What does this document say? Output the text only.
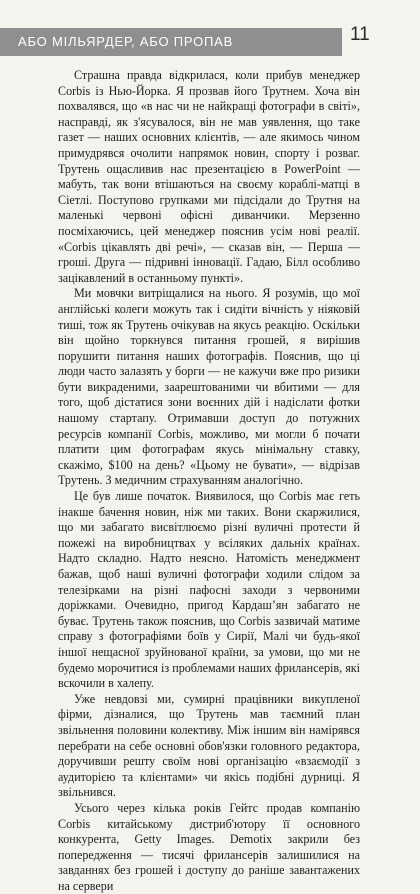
АБО МІЛЬЯРДЕР, АБО ПРОПАВ	11

Страшна правда відкрилася, коли прибув менеджер Corbis із Нью-Йорка. Я прозвав його Трутнем. Хоча він похвалявся, що «в нас чи не найкращі фотографи в світі», насправді, як з'ясувалося, він не мав уявлення, що таке газет — наших основних клієнтів, — але якимось чином примудрявся очолити напрямок новин, спорту і розваг. Трутень ощасливив нас презентацією в PowerPoint — мабуть, так вони втішаються на своєму кораблі-матці в Сіетлі. Поступово групками ми підсідали до Трутня на маленькі червоні офісні диванчики. Мерзенно посміхаючись, цей менеджер пояснив усім нові реалії. «Corbis цікавлять дві речі», — сказав він, — Перша — гроші. Друга — підривні інновації. Гадаю, Білл особливо зацікавлений в останньому пункті».

Ми мовчки витріщалися на нього. Я розумів, що мої англійські колеги можуть так і сидіти вічність у ніяковій тиші, тож як Трутень очікував на якусь реакцію. Оскільки він щойно торкнувся питання грошей, я вирішив порушити питання наших фотографів. Пояснив, що ці люди часто залазять у борги — не кажучи вже про ризики бути викраденими, заарештованими чи вбитими — для того, щоб дістатися зони воєнних дій і надіслати фотки нашому стартапу. Отримавши доступ до потужних ресурсів компанії Corbis, можливо, ми могли б почати платити цим фотографам якусь мінімальну ставку, скажімо, $100 на день? «Цьому не бувати», — відрізав Трутень. З медичним страхуванням аналогічно.

Це був лише початок. Виявилося, що Corbis має геть інакше бачення новин, ніж ми таких. Вони скаржилися, що ми забагато висвітлюємо різні вуличні протести й пожежі на виробництвах у всіляких дальніх країнах. Надто складно. Надто неясно. Натомість менеджмент бажав, щоб наші вуличні фотографи ходили слідом за телезірками на різні пафосні заходи з червоними доріжками. Очевидно, пригод Кардашʼян забагато не буває. Трутень також пояснив, що Corbis зазвичай матиме справу з фотографіями боїв у Сирії, Малі чи будь-якої іншої нещасної зруйнованої країни, за умови, що ми не будемо морочитися із проблемами наших фрилансерів, які вскочили в халепу.

Уже невдовзі ми, сумирні працівники викупленої фірми, дізналися, що Трутень мав таємний план звільнення половини колективу. Між іншим він намірявся перебрати на себе основні обов'язки головного редактора, доручивши решту своїм нові організацію «взаємодії з аудиторією та клієнтами» чи якісь подібні дурниці. Я звільнився.

Усього через кілька років Гейтс продав компанію Corbis китайському дистриб'ютору її основного конкурента, Getty Images. Demotix закрили без попередження — тисячі фрилансерів залишилися на завданнях без грошей і доступу до раніше завантажених на сервери
